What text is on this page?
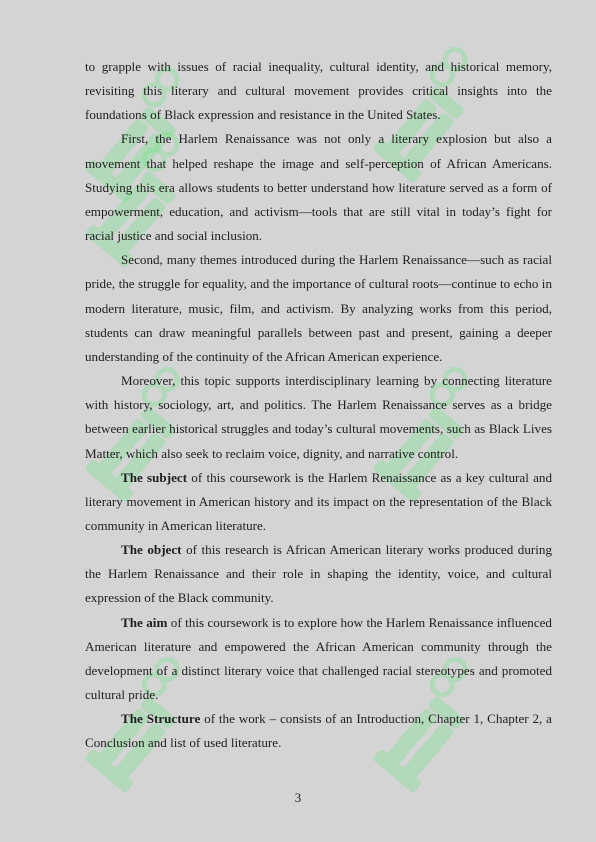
to grapple with issues of racial inequality, cultural identity, and historical memory, revisiting this literary and cultural movement provides critical insights into the foundations of Black expression and resistance in the United States.

First, the Harlem Renaissance was not only a literary explosion but also a movement that helped reshape the image and self-perception of African Americans. Studying this era allows students to better understand how literature served as a form of empowerment, education, and activism—tools that are still vital in today’s fight for racial justice and social inclusion.

Second, many themes introduced during the Harlem Renaissance—such as racial pride, the struggle for equality, and the importance of cultural roots—continue to echo in modern literature, music, film, and activism. By analyzing works from this period, students can draw meaningful parallels between past and present, gaining a deeper understanding of the continuity of the African American experience.

Moreover, this topic supports interdisciplinary learning by connecting literature with history, sociology, art, and politics. The Harlem Renaissance serves as a bridge between earlier historical struggles and today’s cultural movements, such as Black Lives Matter, which also seek to reclaim voice, dignity, and narrative control.

The subject of this coursework is the Harlem Renaissance as a key cultural and literary movement in American history and its impact on the representation of the Black community in American literature.

The object of this research is African American literary works produced during the Harlem Renaissance and their role in shaping the identity, voice, and cultural expression of the Black community.

The aim of this coursework is to explore how the Harlem Renaissance influenced American literature and empowered the African American community through the development of a distinct literary voice that challenged racial stereotypes and promoted cultural pride.

The Structure of the work – consists of an Introduction, Chapter 1, Chapter 2, a Conclusion and list of used literature.

3
